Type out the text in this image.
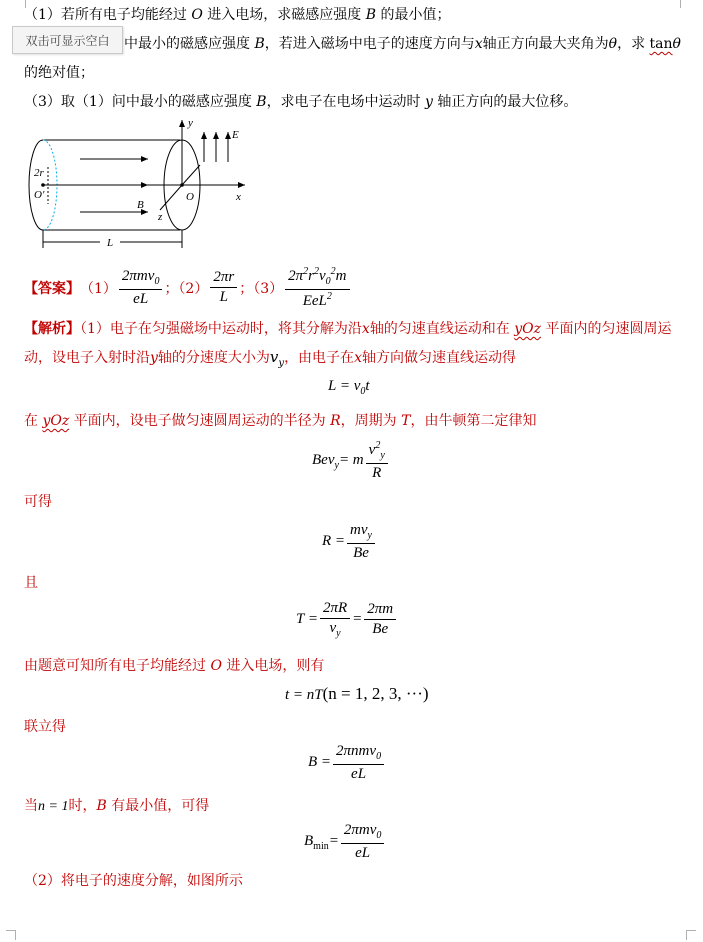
（1）若所有电子均能经过 O 进入电场，求磁感应强度 B 的最小值；
双击可显示空白 中最小的磁感应强度 B，若进入磁场中电子的速度方向与x轴正方向最大夹角为θ，求 tanθ
的绝对值；
（3）取（1）问中最小的磁感应强度 B，求电子在电场中运动时 y 轴正方向的最大位移。
y
E
2r
O′	O	x
B
z
L
【答案】 $(1) \frac{2\pi mv_0}{eL}$ ；$(2) \frac{2\pi r}{L}$ ；$(3) \frac{2\pi^2r^2v_0^2m}{EeL^2}$
【解析】（1）电子在匀强磁场中运动时，将其分解为沿x轴的匀速直线运动和在 yOz 平面内的匀速圆周运
动，设电子入射时沿y轴的分速度大小为$v_y$，由电子在x轴方向做匀速直线运动得
$L = v_0t$
在 yOz 平面内，设电子做匀速圆周运动的半径为 R，周期为 T，由牛顿第二定律知
Bev$_y$ = m $\frac{v^2_y}{R}$
可得
$R = \frac{mv_y}{Be}$
且
$T = \frac{2\pi R}{v_y} = \frac{2\pi m}{Be}$
由题意可知所有电子均能经过 O 进入电场，则有
t = nT(n = 1, 2, 3, ···)
联立得
$B = \frac{2\pi nmv_0}{eL}$
当n = 1时，B 有最小值，可得
$B_{min} = \frac{2\pi mv_0}{eL}$
（2）将电子的速度分解，如图所示
